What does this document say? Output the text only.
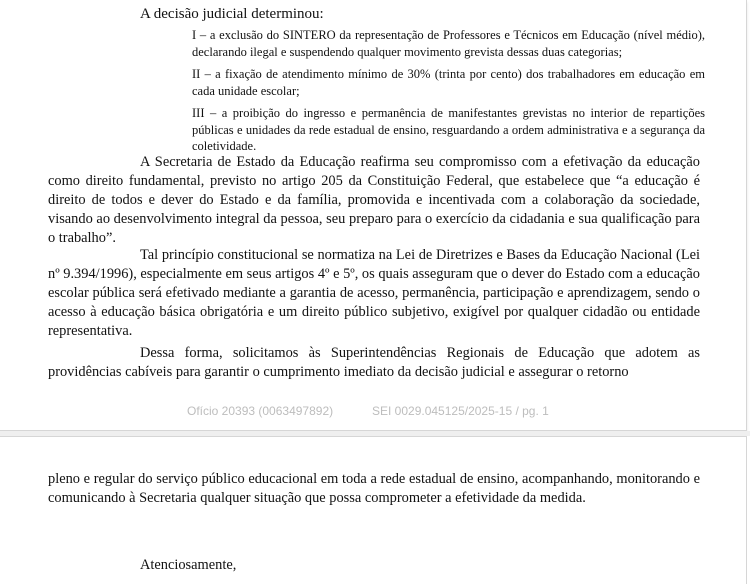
A decisão judicial determinou:

I – a exclusão do SINTERO da representação de Professores e Técnicos em Educação (nível médio), declarando ilegal e suspendendo qualquer movimento grevista dessas duas categorias;

II – a fixação de atendimento mínimo de 30% (trinta por cento) dos trabalhadores em educação em cada unidade escolar;

III – a proibição do ingresso e permanência de manifestantes grevistas no interior de repartições públicas e unidades da rede estadual de ensino, resguardando a ordem administrativa e a segurança da coletividade.

A Secretaria de Estado da Educação reafirma seu compromisso com a efetivação da educação como direito fundamental, previsto no artigo 205 da Constituição Federal, que estabelece que “a educação é direito de todos e dever do Estado e da família, promovida e incentivada com a colaboração da sociedade, visando ao desenvolvimento integral da pessoa, seu preparo para o exercício da cidadania e sua qualificação para o trabalho”.

Tal princípio constitucional se normatiza na Lei de Diretrizes e Bases da Educação Nacional (Lei nº 9.394/1996), especialmente em seus artigos 4º e 5º, os quais asseguram que o dever do Estado com a educação escolar pública será efetivado mediante a garantia de acesso, permanência, participação e aprendizagem, sendo o acesso à educação básica obrigatória e um direito público subjetivo, exigível por qualquer cidadão ou entidade representativa.

Dessa forma, solicitamos às Superintendências Regionais de Educação que adotem as providências cabíveis para garantir o cumprimento imediato da decisão judicial e assegurar o retorno

Ofício 20393 (0063497892)	SEI 0029.045125/2025-15 / pg. 1

pleno e regular do serviço público educacional em toda a rede estadual de ensino, acompanhando, monitorando e comunicando à Secretaria qualquer situação que possa comprometer a efetividade da medida.

Atenciosamente,
